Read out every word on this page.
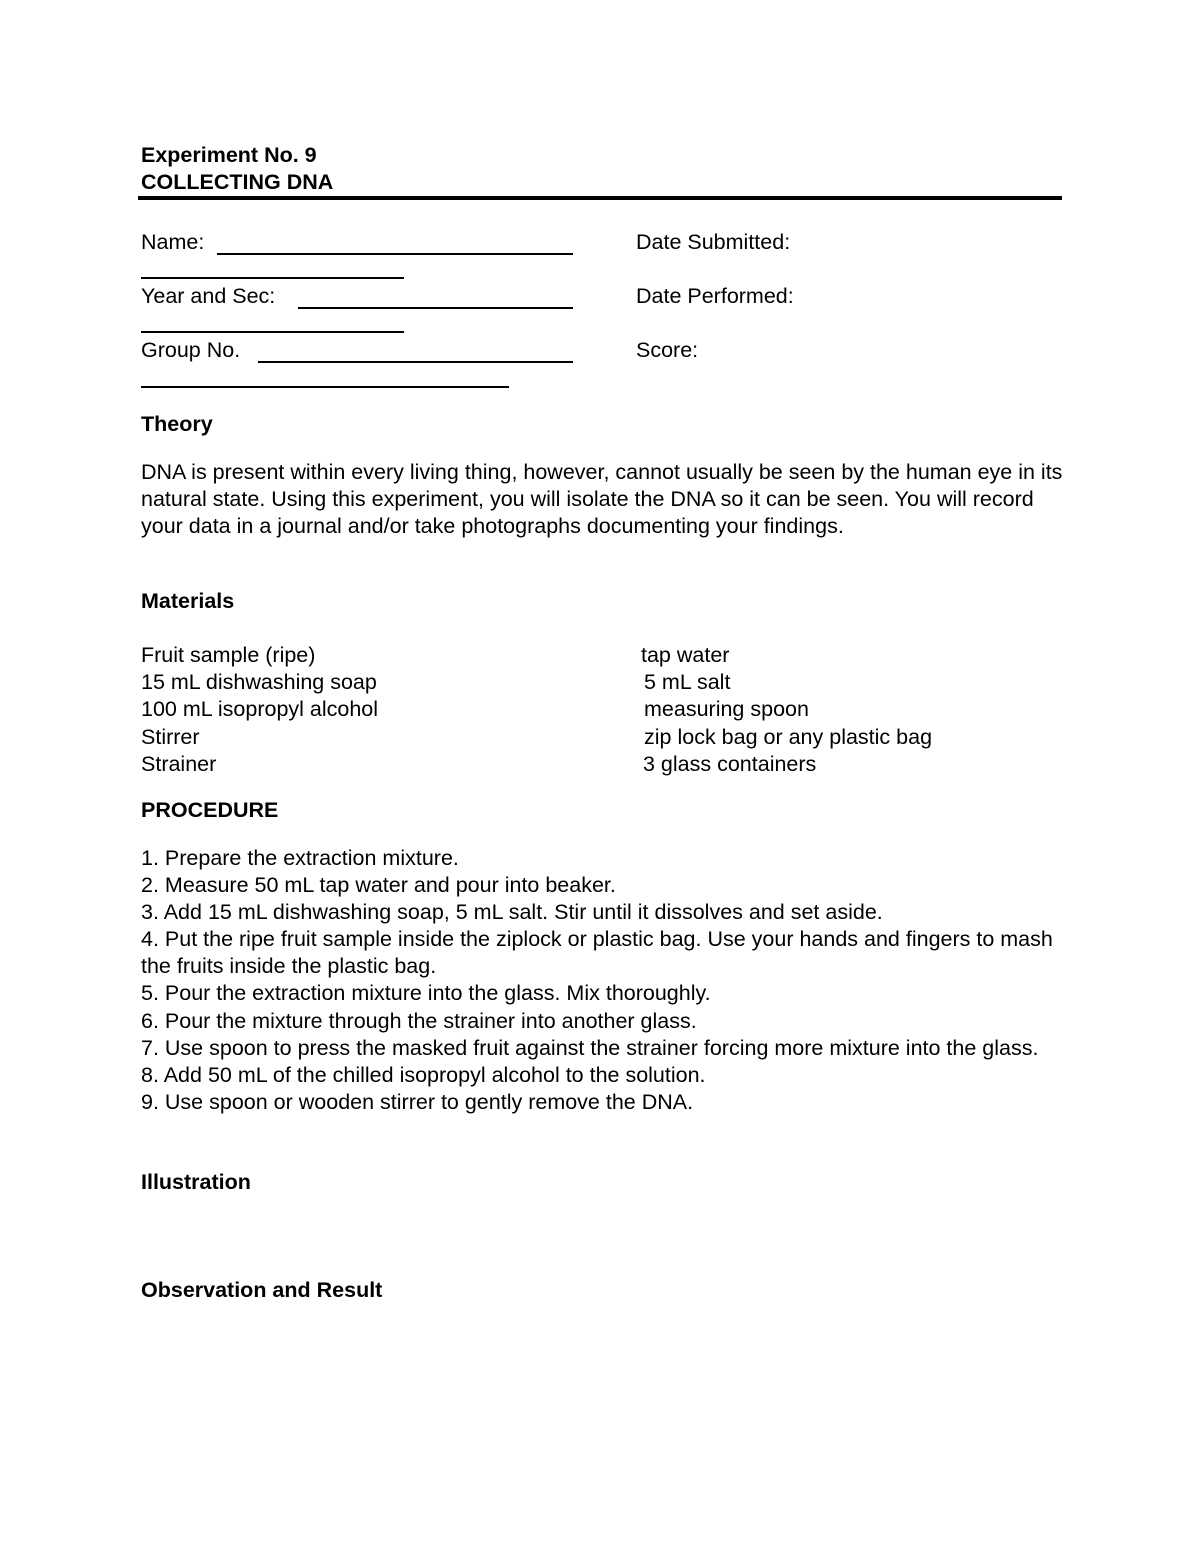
Experiment No. 9
COLLECTING DNA
Name:
Year and Sec:
Group No.
Date Submitted:
Date Performed:
Score:
Theory
DNA is present within every living thing, however, cannot usually be seen by the human eye in its natural state. Using this experiment, you will isolate the DNA so it can be seen. You will record your data in a journal and/or take photographs documenting your findings.
Materials
Fruit sample (ripe)
15 mL dishwashing soap
100 mL isopropyl alcohol
Stirrer
Strainer
tap water
5 mL salt
measuring spoon
zip lock bag or any plastic bag
3 glass containers
PROCEDURE
1. Prepare the extraction mixture.
2. Measure 50 mL tap water and pour into beaker.
3. Add 15 mL dishwashing soap, 5 mL salt. Stir until it dissolves and set aside.
4. Put the ripe fruit sample inside the ziplock or plastic bag. Use your hands and fingers to mash the fruits inside the plastic bag.
5. Pour the extraction mixture into the glass. Mix thoroughly.
6. Pour the mixture through the strainer into another glass.
7. Use spoon to press the masked fruit against the strainer forcing more mixture into the glass.
8. Add 50 mL of the chilled isopropyl alcohol to the solution.
9. Use spoon or wooden stirrer to gently remove the DNA.
Illustration
Observation and Result
